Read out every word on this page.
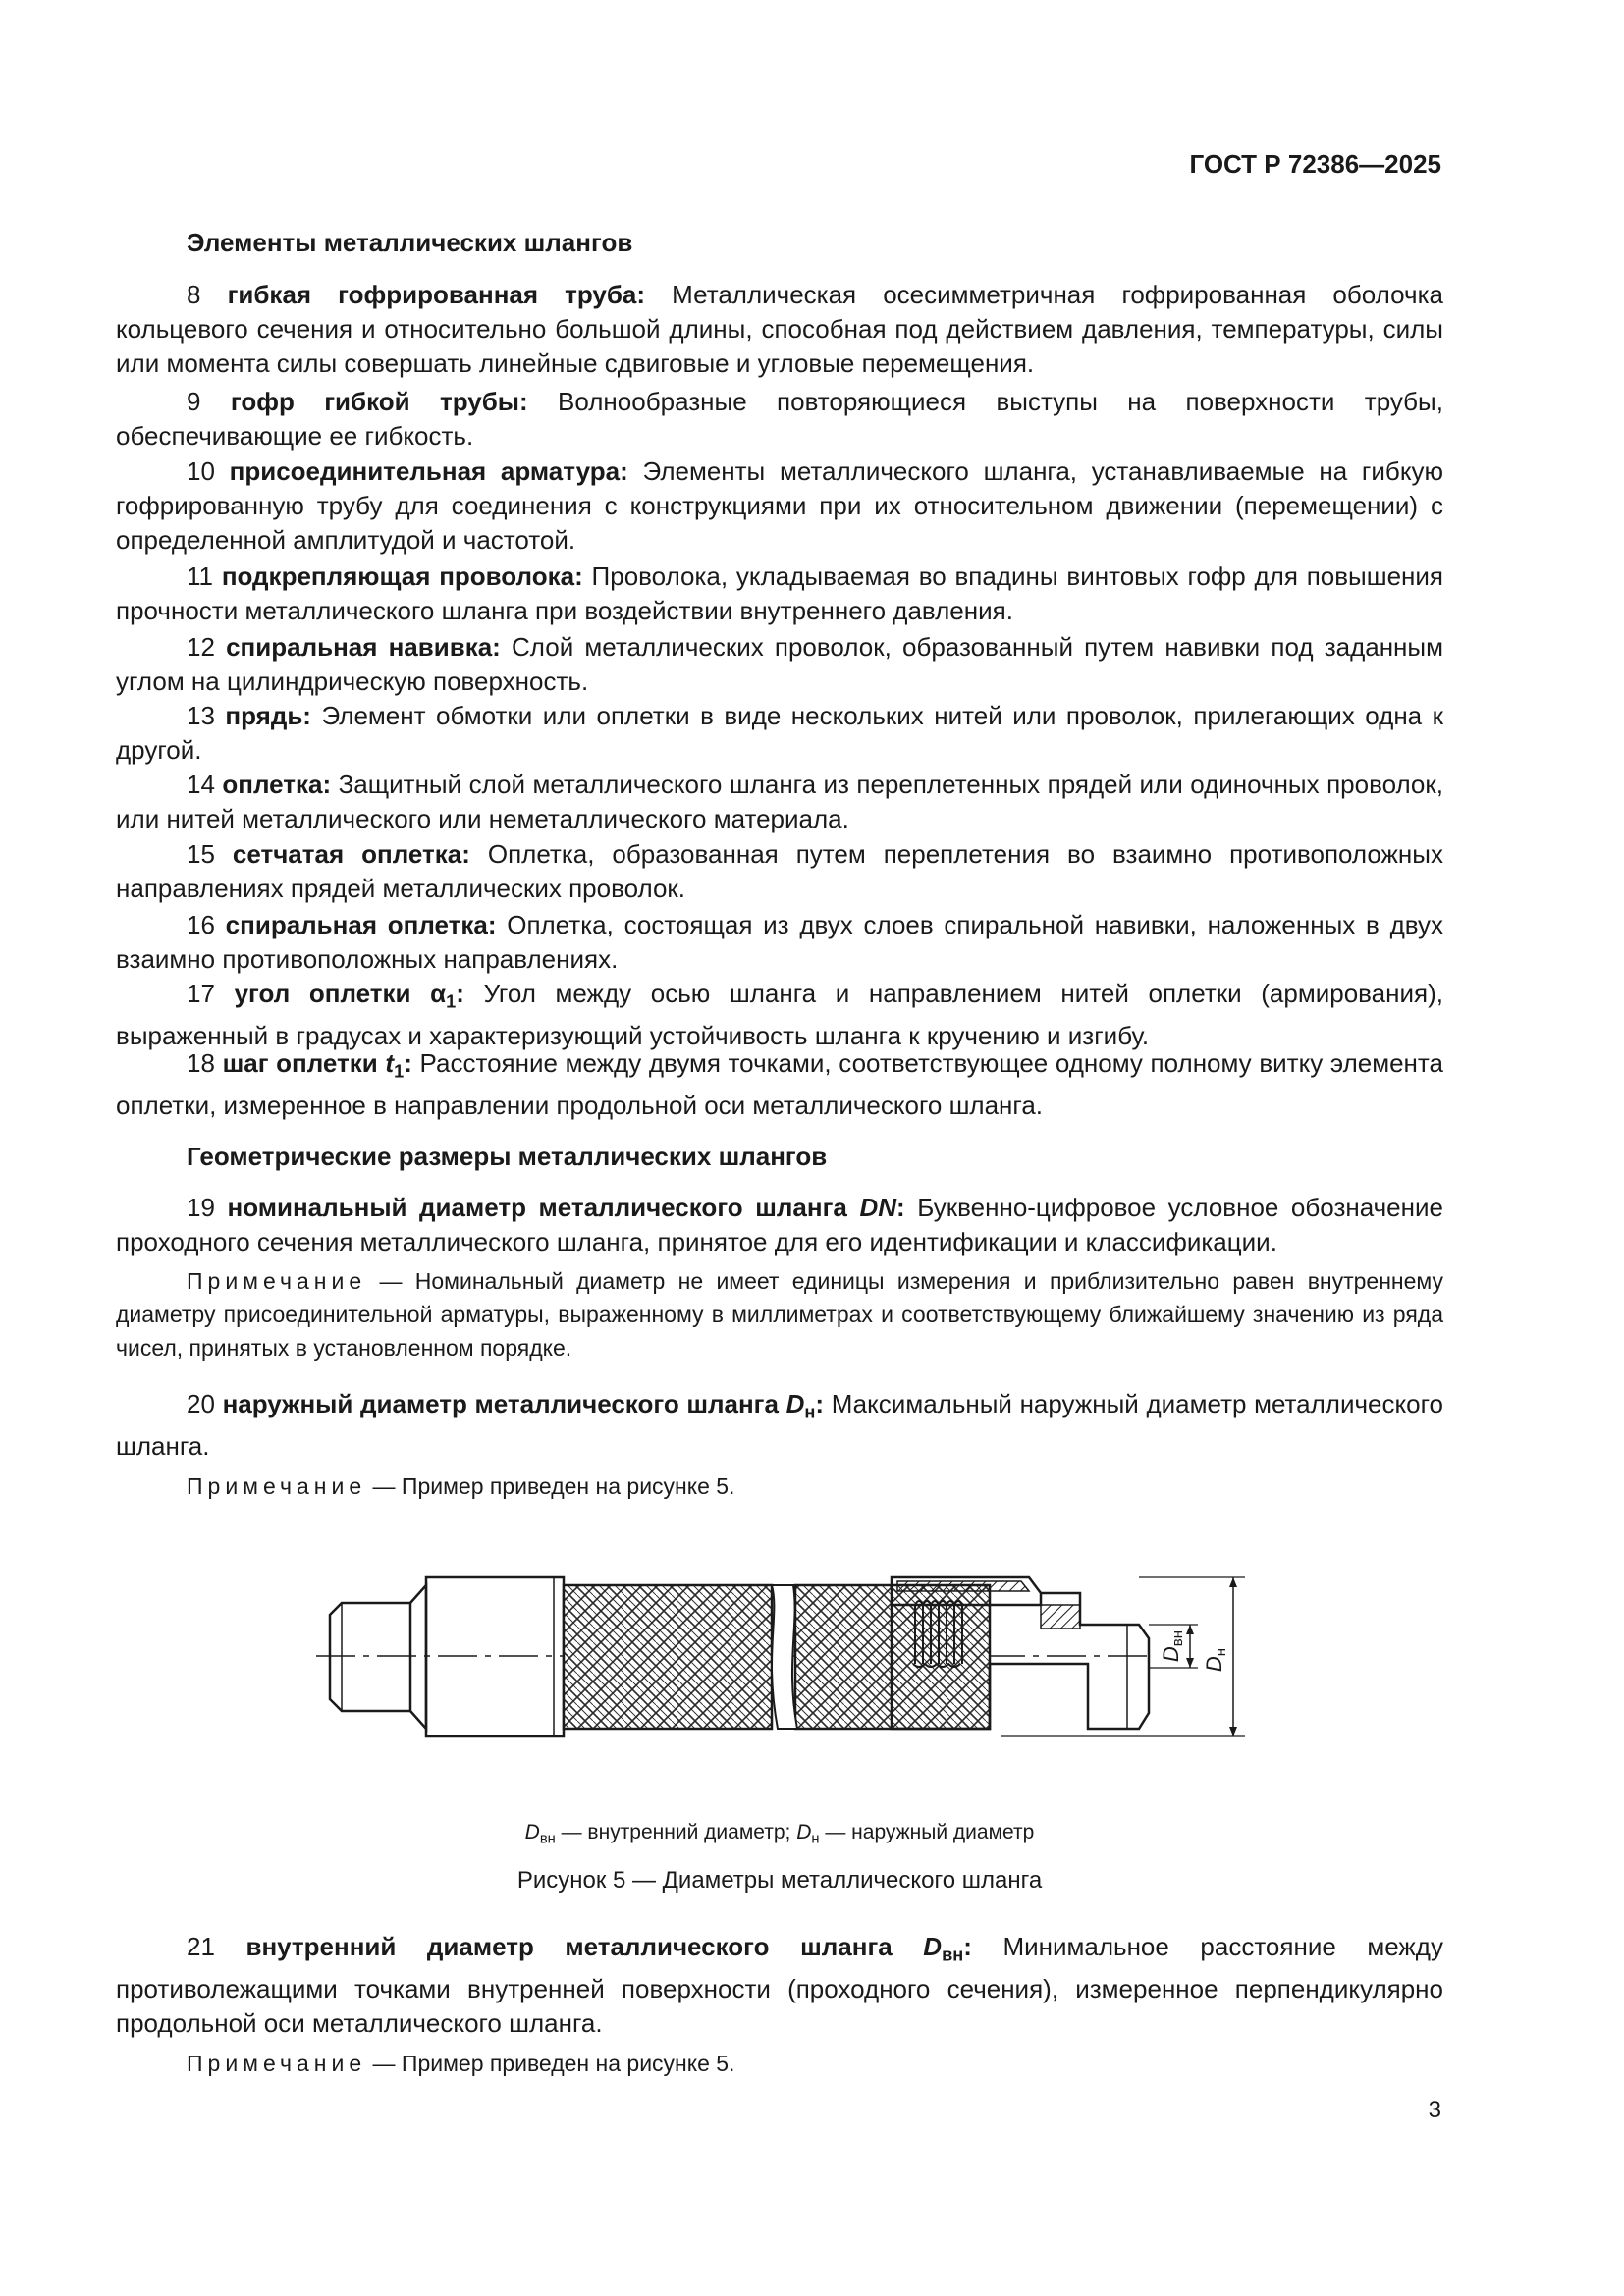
ГОСТ Р 72386—2025
Элементы металлических шлангов

8 гибкая гофрированная труба: Металлическая осесимметричная гофрированная оболочка кольцевого сечения и относительно большой длины, способная под действием давления, температуры, силы или момента силы совершать линейные сдвиговые и угловые перемещения.

9 гофр гибкой трубы: Волнообразные повторяющиеся выступы на поверхности трубы, обеспечивающие ее гибкость.

10 присоединительная арматура: Элементы металлического шланга, устанавливаемые на гибкую гофрированную трубу для соединения с конструкциями при их относительном движении (перемещении) с определенной амплитудой и частотой.

11 подкрепляющая проволока: Проволока, укладываемая во впадины винтовых гофр для повышения прочности металлического шланга при воздействии внутреннего давления.

12 спиральная навивка: Слой металлических проволок, образованный путем навивки под заданным углом на цилиндрическую поверхность.

13 прядь: Элемент обмотки или оплетки в виде нескольких нитей или проволок, прилегающих одна к другой.

14 оплетка: Защитный слой металлического шланга из переплетенных прядей или одиночных проволок, или нитей металлического или неметаллического материала.

15 сетчатая оплетка: Оплетка, образованная путем переплетения во взаимно противоположных направлениях прядей металлических проволок.

16 спиральная оплетка: Оплетка, состоящая из двух слоев спиральной навивки, наложенных в двух взаимно противоположных направлениях.

17 угол оплетки $\alpha_1$: Угол между осью шланга и направлением нитей оплетки (армирования), выраженный в градусах и характеризующий устойчивость шланга к кручению и изгибу.

18 шаг оплетки $t_1$: Расстояние между двумя точками, соответствующее одному полному витку элемента оплетки, измеренное в направлении продольной оси металлического шланга.

Геометрические размеры металлических шлангов

19 номинальный диаметр металлического шланга DN: Буквенно-цифровое условное обозначение проходного сечения металлического шланга, принятое для его идентификации и классификации.

Примечание — Номинальный диаметр не имеет единицы измерения и приблизительно равен внутреннему диаметру присоединительной арматуры, выраженному в миллиметрах и соответствующему ближайшему значению из ряда чисел, принятых в установленном порядке.

20 наружный диаметр металлического шланга $D_н$: Максимальный наружный диаметр металлического шланга.

Примечание — Пример приведен на рисунке 5.

Dвн
Dн
$D_{вн}$ — внутренний диаметр; $D_н$ — наружный диаметр
Рисунок 5 — Диаметры металлического шланга

21 внутренний диаметр металлического шланга $D_{вн}$: Минимальное расстояние между противолежащими точками внутренней поверхности (проходного сечения), измеренное перпендикулярно продольной оси металлического шланга.

Примечание — Пример приведен на рисунке 5.

3
